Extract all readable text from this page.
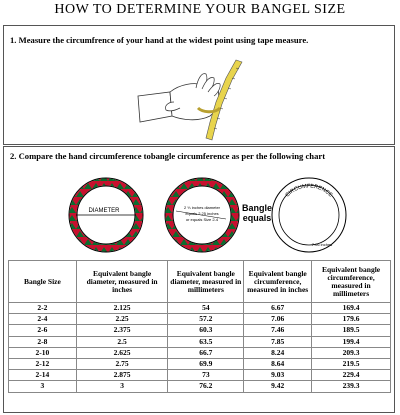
HOW TO DETERMINE YOUR BANGEL SIZE
1. Measure the circumfrence of your hand at the widest point using tape measure.
2. Compare the hand circumference tobangle circumference as per the following chart
DIAMETER
2 ⅓ inches diameter
equals 2.25 inches
or equals Size 2-4
Bangle
equals
CIRCUMFERENCE
7.06 inches
Bangle Size	Equivalent bangle diameter, measured in inches	Equivalent bangle diameter, measured in millimeters	Equivalent bangle circumference, measured in inches	Equivalent bangle circumference, measured in millimeters
2-2	2.125	54	6.67	169.4
2-4	2.25	57.2	7.06	179.6
2-6	2.375	60.3	7.46	189.5
2-8	2.5	63.5	7.85	199.4
2-10	2.625	66.7	8.24	209.3
2-12	2.75	69.9	8.64	219.5
2-14	2.875	73	9.03	229.4
3	3	76.2	9.42	239.3
